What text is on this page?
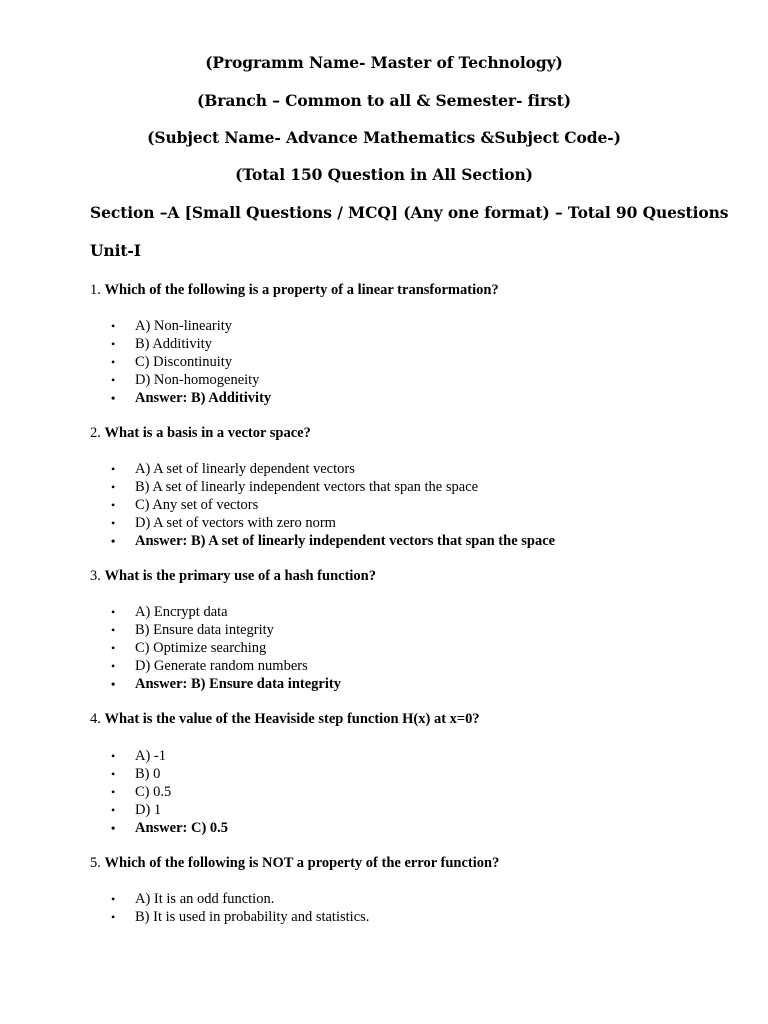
(Programm Name- Master of Technology)
(Branch – Common to all & Semester- first)
(Subject Name- Advance Mathematics &Subject Code-)
(Total 150 Question in All Section)
Section –A [Small Questions / MCQ] (Any one format) – Total 90 Questions
Unit-I
1. Which of the following is a property of a linear transformation?
• A) Non-linearity
• B) Additivity
• C) Discontinuity
• D) Non-homogeneity
• Answer: B) Additivity
2. What is a basis in a vector space?
• A) A set of linearly dependent vectors
• B) A set of linearly independent vectors that span the space
• C) Any set of vectors
• D) A set of vectors with zero norm
• Answer: B) A set of linearly independent vectors that span the space
3. What is the primary use of a hash function?
• A) Encrypt data
• B) Ensure data integrity
• C) Optimize searching
• D) Generate random numbers
• Answer: B) Ensure data integrity
4. What is the value of the Heaviside step function H(x) at x=0?
• A) -1
• B) 0
• C) 0.5
• D) 1
• Answer: C) 0.5
5. Which of the following is NOT a property of the error function?
• A) It is an odd function.
• B) It is used in probability and statistics.
